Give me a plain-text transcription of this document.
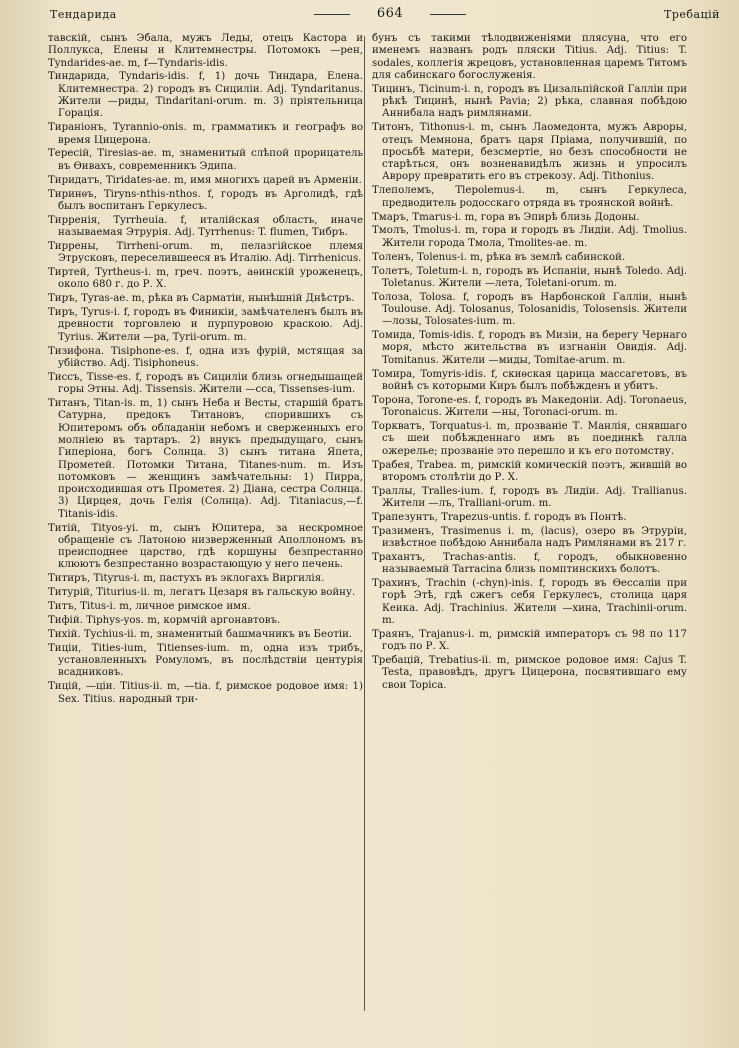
Тендарида	664	Требацій

тавскій, сынъ Эбала, мужъ Леды, отецъ Кастора и Поллукса, Елены и Клитемнестры. Потомокъ —рен, Tyndarides-ae. m, f—Tyndaris-idis.

Тиндарида, Tyndaris-idis. f, 1) дочь Тиндара, Елена. Клитемнестра. 2) городъ въ Сициліи. Adj. Tyndaritanus. Жители —риды, Tindaritani-orum. m. 3) прiятельница Горація.

Тираніонъ, Tyrannio-onis. m, грамматикъ и географъ во время Цицерона.

Тересій, Tiresias-ae. m, знаменитый слѣпой прорицатель въ Ѳивахъ, современникъ Эдипа.

Тиридатъ, Tiridates-ae. m, имя многихъ царей въ Арменіи.

Тиринѳъ, Tiryns-nthis-nthos. f, городъ въ Арголидѣ, гдѣ былъ воспитанъ Геркулесъ.

Тирренія, Tyrrheuia. f, италійская область, иначе называемая Этрурія. Adj. Tyrrhenus: T. flumen, Тибръ.

Тиррены, Tirrheni-orum. m, пелазгійское племя Этрусковъ, переселившееся въ Италію. Adj. Tirrhenicus.

Тиртей, Tyrtheus-i. m, греч. поэтъ, аѳинскій уроженецъ, около 680 г. до Р. Х.

Тиръ, Tyras-ae. m, рѣка въ Сарматіи, нынѣшній Днѣстръ.

Тиръ, Tyrus-i. f, городъ въ Финикіи, замѣчателенъ былъ въ древности торговлею и пурпуровою краскою. Adj. Tyrius. Жители —ра, Tyrii-orum. m.

Тизифона. Tisiphone-es. f, одна изъ фурій, мстящая за убійство. Adj. Tisiphoneus.

Тиссъ, Tisse-es. f, городъ въ Сициліи близь огнедышащей горы Этны. Adj. Tissensis. Жители —сса, Tissenses-ium.

Титанъ, Titan-is. m, 1) сынъ Неба и Весты, старшій братъ Сатурна, предокъ Титановъ, спорившихъ съ Юпитеромъ объ обладаніи небомъ и сверженныхъ его молніею въ тартаръ. 2) внукъ предыдущаго, сынъ Гиперіона, богъ Солнца. 3) сынъ титана Япета, Прометей. Потомки Титана, Titanes-num. m. Изъ потомковъ — женщинъ замѣчательны: 1) Пирра, происходившая отъ Прометея. 2) Діана, сестра Солнца. 3) Цирцея, дочь Гелія (Солнца). Adj. Titaniacus,—f. Titanis-idis.

Титій, Tityos-yi. m, сынъ Юпитера, за нескромное обращеніе съ Латоною низверженный Аполлономъ въ преисподнее царство, гдѣ коршуны безпрестанно клюютъ безпрестанно возрастающую у него печень.

Титиръ, Tityrus-i. m, пастухъ въ эклогахъ Виргилія.

Титурій, Titurius-ii. m, легатъ Цезаря въ гальскую войну.

Титъ, Titus-i. m, личное римское имя.

Тифій. Tiphys-yos. m, кормчій аргонавтовъ.

Тихій. Tychius-ii. m, знаменитый башмачникъ въ Беотіи.

Тиціи, Tities-ium, Titienses-ium. m, одна изъ трибъ, установленныхъ Ромуломъ, въ послѣдствіи центурія всадниковъ.

Тицій, —ціи. Titius-ii. m, —tia. f, римское родовое имя: 1) Sex. Titius. народный три-

бунъ съ такими тѣлодвиженіями плясуна, что его именемъ названъ родъ пляски Titius. Adj. Titius: T. sodales, коллегія жрецовъ, установленная царемъ Титомъ для сабинскаго богослуженія.

Тицинъ, Ticinum-i. n, городъ въ Цизальпійской Галліи при рѣкѣ Тицинѣ, нынѣ Pavia; 2) рѣка, славная побѣдою Аннибала надъ римлянами.

Титонъ, Tithonus-i. m, сынъ Лаомедонта, мужъ Авроры, отецъ Мемнона, братъ царя Пріама, получившій, по просьбѣ матери, безсмертіе, но безъ способности не старѣться, онъ возненавидѣлъ жизнь и упросилъ Аврору превратить его въ стрекозу. Adj. Tithonius.

Тлеполемъ, Tlepolemus-i. m, сынъ Геркулеса, предводитель родосскаго отряда въ троянской войнѣ.

Тмаръ, Tmarus-i. m, гора въ Эпирѣ близь Додоны.

Тмолъ, Tmolus-i. m, гора и городъ въ Лидіи. Adj. Tmolius. Жители города Тмола, Tmolites-ae. m.

Толенъ, Tolenus-i. m, рѣка въ землѣ сабинской.

Толетъ, Toletum-i. n, городъ въ Испаніи, нынѣ Toledo. Adj. Toletanus. Жители —лета, Toletani-orum. m.

Толоза, Tolosa. f, городъ въ Нарбонской Галліи, нынѣ Toulouse. Adj. Tolosanus, Tolosanidis, Tolosensis. Жители —лозы, Tolosates-ium. m.

Томида, Tomis-idis. f, городъ въ Мизіи, на берегу Чернаго моря, мѣсто жительства въ изгнаніи Овидія. Adj. Tomitanus. Жители —миды, Tomitae-arum. m.

Томира, Tomyris-idis. f, скиѳская царица массагетовъ, въ войнѣ съ которыми Киръ былъ побѣжденъ и убитъ.

Торона, Torone-es. f, городъ въ Македоніи. Adj. Toronaeus, Toronaicus. Жители —ны, Toronaci-orum. m.

Торкватъ, Torquatus-i. m, прозваніе Т. Манлія, снявшаго съ шеи побѣжденнаго имъ въ поединкѣ галла ожерелье; прозваніе это перешло и къ его потомству.

Трабея, Trabea. m, римскій комическій поэтъ, жившій во второмъ столѣтіи до Р. Х.

Траллы, Tralles-ium. f, городъ въ Лидіи. Adj. Trallianus. Жители —лъ, Tralliani-orum. m.

Трапезунтъ, Trapezus-untis. f. городъ въ Понтѣ.

Тразименъ, Trasimenus i. m, (lacus), озеро въ Этруріи, извѣстное побѣдою Аннибала надъ Римлянами въ 217 г.

Трахантъ, Trachas-antis. f, городъ, обыкновенно называемый Tarracina близь помптинскихъ болотъ.

Трахинъ, Trachin (-chyn)-inis. f, городъ въ Ѳессаліи при горѣ Этѣ, гдѣ сжегъ себя Геркулесъ, столица царя Кеика. Adj. Trachinius. Жители —хина, Trachinii-orum. m.

Траянъ, Trajanus-i. m, римскій императоръ съ 98 по 117 годъ по Р. Х.

Требацій, Trebatius-ii. m, римское родовое имя: Cajus T. Testa, правовѣдъ, другъ Цицерона, посвятившаго ему свои Topica.
